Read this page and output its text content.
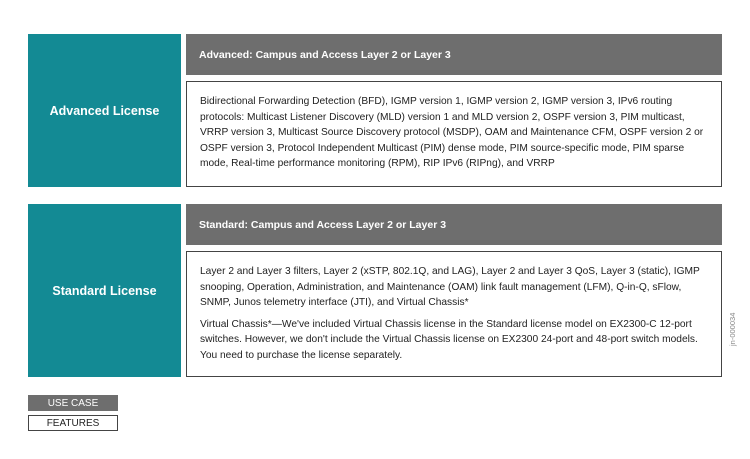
Advanced License
Advanced: Campus and Access Layer 2 or Layer 3

Bidirectional Forwarding Detection (BFD), IGMP version 1, IGMP version 2, IGMP version 3, IPv6 routing protocols: Multicast Listener Discovery (MLD) version 1 and MLD version 2, OSPF version 3, PIM multicast, VRRP version 3, Multicast Source Discovery protocol (MSDP), OAM and Maintenance CFM, OSPF version 2 or OSPF version 3, Protocol Independent Multicast (PIM) dense mode, PIM source-specific mode, PIM sparse mode, Real-time performance monitoring (RPM), RIP IPv6 (RIPng), and VRRP

Standard License
Standard: Campus and Access Layer 2 or Layer 3

Layer 2 and Layer 3 filters, Layer 2 (xSTP, 802.1Q, and LAG), Layer 2 and Layer 3 QoS, Layer 3 (static), IGMP snooping, Operation, Administration, and Maintenance (OAM) link fault management (LFM), Q-in-Q, sFlow, SNMP, Junos telemetry interface (JTI), and Virtual Chassis*

Virtual Chassis*—We've included Virtual Chassis license in the Standard license model on EX2300-C 12-port switches. However, we don't include the Virtual Chassis license on EX2300 24-port and 48-port switch models. You need to purchase the license separately.

USE CASE
FEATURES
jn-000034
